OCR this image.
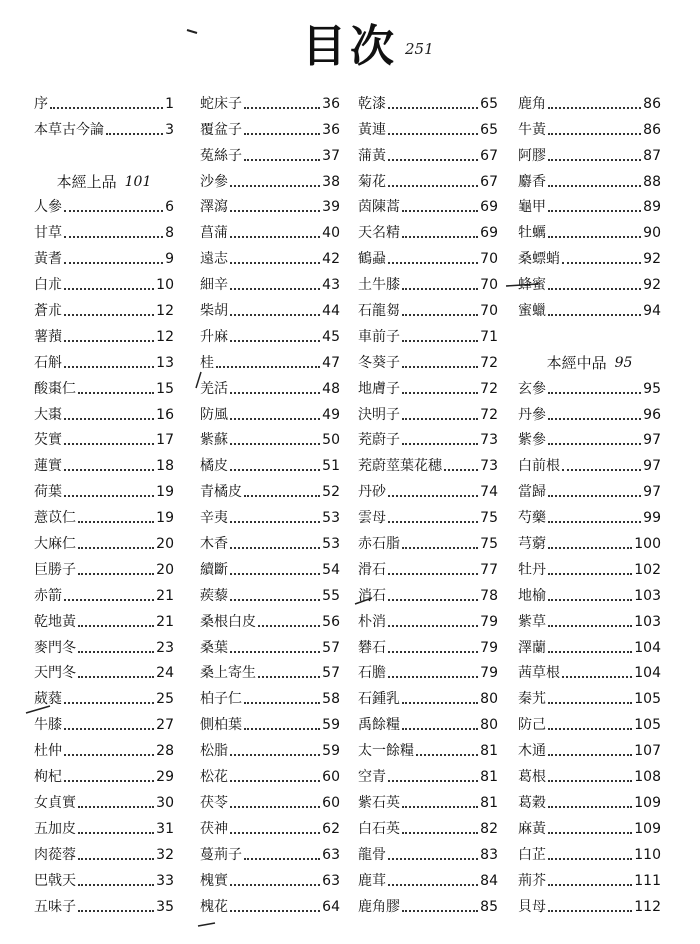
目次 251
序	1
本草古今論	3
本經上品 101
人參	6
甘草	8
黃耆	9
白朮	10
蒼朮	12
薯蕷	12
石斛	13
酸棗仁	15
大棗	16
芡實	17
蓮實	18
荷葉	19
薏苡仁	19
大麻仁	20
巨勝子	20
赤箭	21
乾地黃	21
麥門冬	23
天門冬	24
葳蕤	25
牛膝	27
杜仲	28
枸杞	29
女貞實	30
五加皮	31
肉蓯蓉	32
巴戟天	33
五味子	35
蛇床子	36
覆盆子	36
菟絲子	37
沙參	38
澤瀉	39
菖蒲	40
遠志	42
細辛	43
柴胡	44
升麻	45
桂	47
羌活	48
防風	49
紫蘇	50
橘皮	51
青橘皮	52
辛夷	53
木香	53
續斷	54
蒺藜	55
桑根白皮	56
桑葉	57
桑上寄生	57
柏子仁	58
側柏葉	59
松脂	59
松花	60
茯苓	60
茯神	62
蔓荊子	63
槐實	63
槐花	64
乾漆	65
黃連	65
蒲黃	67
菊花	67
茵陳蒿	69
天名精	69
鶴蝨	70
土牛膝	70
石龍芻	70
車前子	71
冬葵子	72
地膚子	72
決明子	72
茺蔚子	73
茺蔚莖葉花穗	73
丹砂	74
雲母	75
赤石脂	75
滑石	77
消石	78
朴消	79
礬石	79
石膽	79
石鍾乳	80
禹餘糧	80
太一餘糧	81
空青	81
紫石英	81
白石英	82
龍骨	83
鹿茸	84
鹿角膠	85
鹿角	86
牛黃	86
阿膠	87
麝香	88
龜甲	89
牡蠣	90
桑螵蛸	92
蜂蜜	92
蜜蠟	94
本經中品 95
玄參	95
丹參	96
紫參	97
白前根	97
當歸	97
芍藥	99
芎藭	100
牡丹	102
地榆	103
紫草	103
澤蘭	104
茜草根	104
秦艽	105
防己	105
木通	107
葛根	108
葛穀	109
麻黃	109
白芷	110
荊芥	111
貝母	112
